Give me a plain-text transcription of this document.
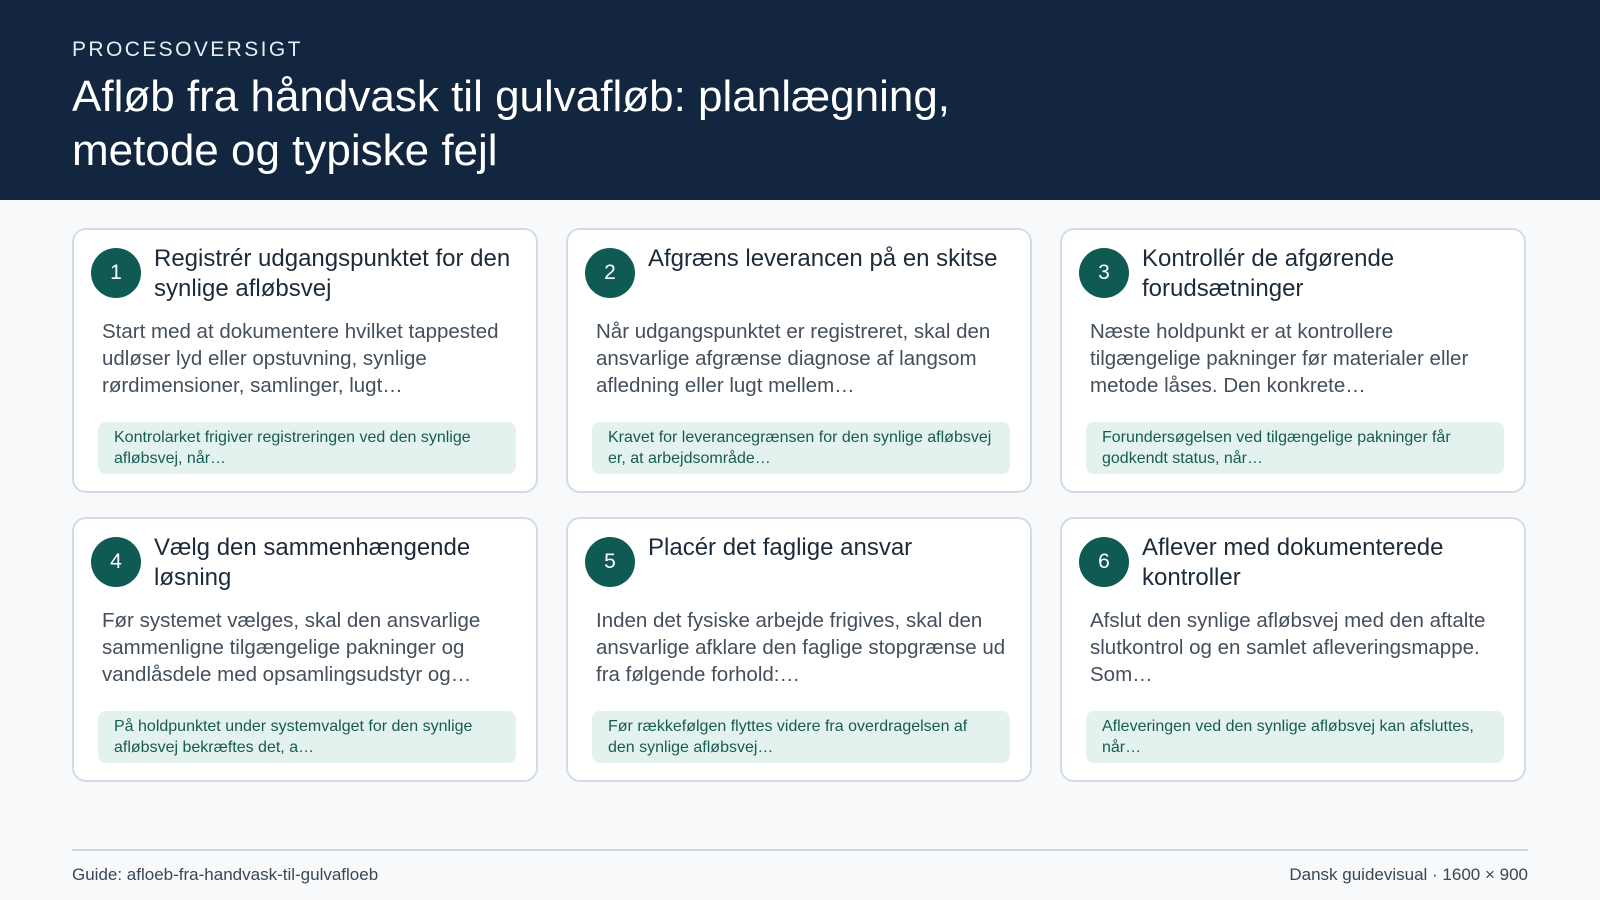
PROCESOVERSIGT
Afløb fra håndvask til gulvafløb: planlægning, metode og typiske fejl
1
Registrér udgangspunktet for den synlige afløbsvej
Start med at dokumentere hvilket tappested udløser lyd eller opstuvning, synlige rørdimensioner, samlinger, lugt…
Kontrolarket frigiver registreringen ved den synlige afløbsvej, når…
2
Afgræns leverancen på en skitse
Når udgangspunktet er registreret, skal den ansvarlige afgrænse diagnose af langsom afledning eller lugt mellem…
Kravet for leverancegrænsen for den synlige afløbsvej er, at arbejdsområde…
3
Kontrollér de afgørende forudsætninger
Næste holdpunkt er at kontrollere tilgængelige pakninger før materialer eller metode låses. Den konkrete…
Forundersøgelsen ved tilgængelige pakninger får godkendt status, når…
4
Vælg den sammenhængende løsning
Før systemet vælges, skal den ansvarlige sammenligne tilgængelige pakninger og vandlåsdele med opsamlingsudstyr og…
På holdpunktet under systemvalget for den synlige afløbsvej bekræftes det, a…
5
Placér det faglige ansvar
Inden det fysiske arbejde frigives, skal den ansvarlige afklare den faglige stopgrænse ud fra følgende forhold:…
Før rækkefølgen flyttes videre fra overdragelsen af den synlige afløbsvej…
6
Aflever med dokumenterede kontroller
Afslut den synlige afløbsvej med den aftalte slutkontrol og en samlet afleveringsmappe. Som…
Afleveringen ved den synlige afløbsvej kan afsluttes, når…
Guide: afloeb-fra-handvask-til-gulvafloeb	Dansk guidevisual · 1600 × 900
